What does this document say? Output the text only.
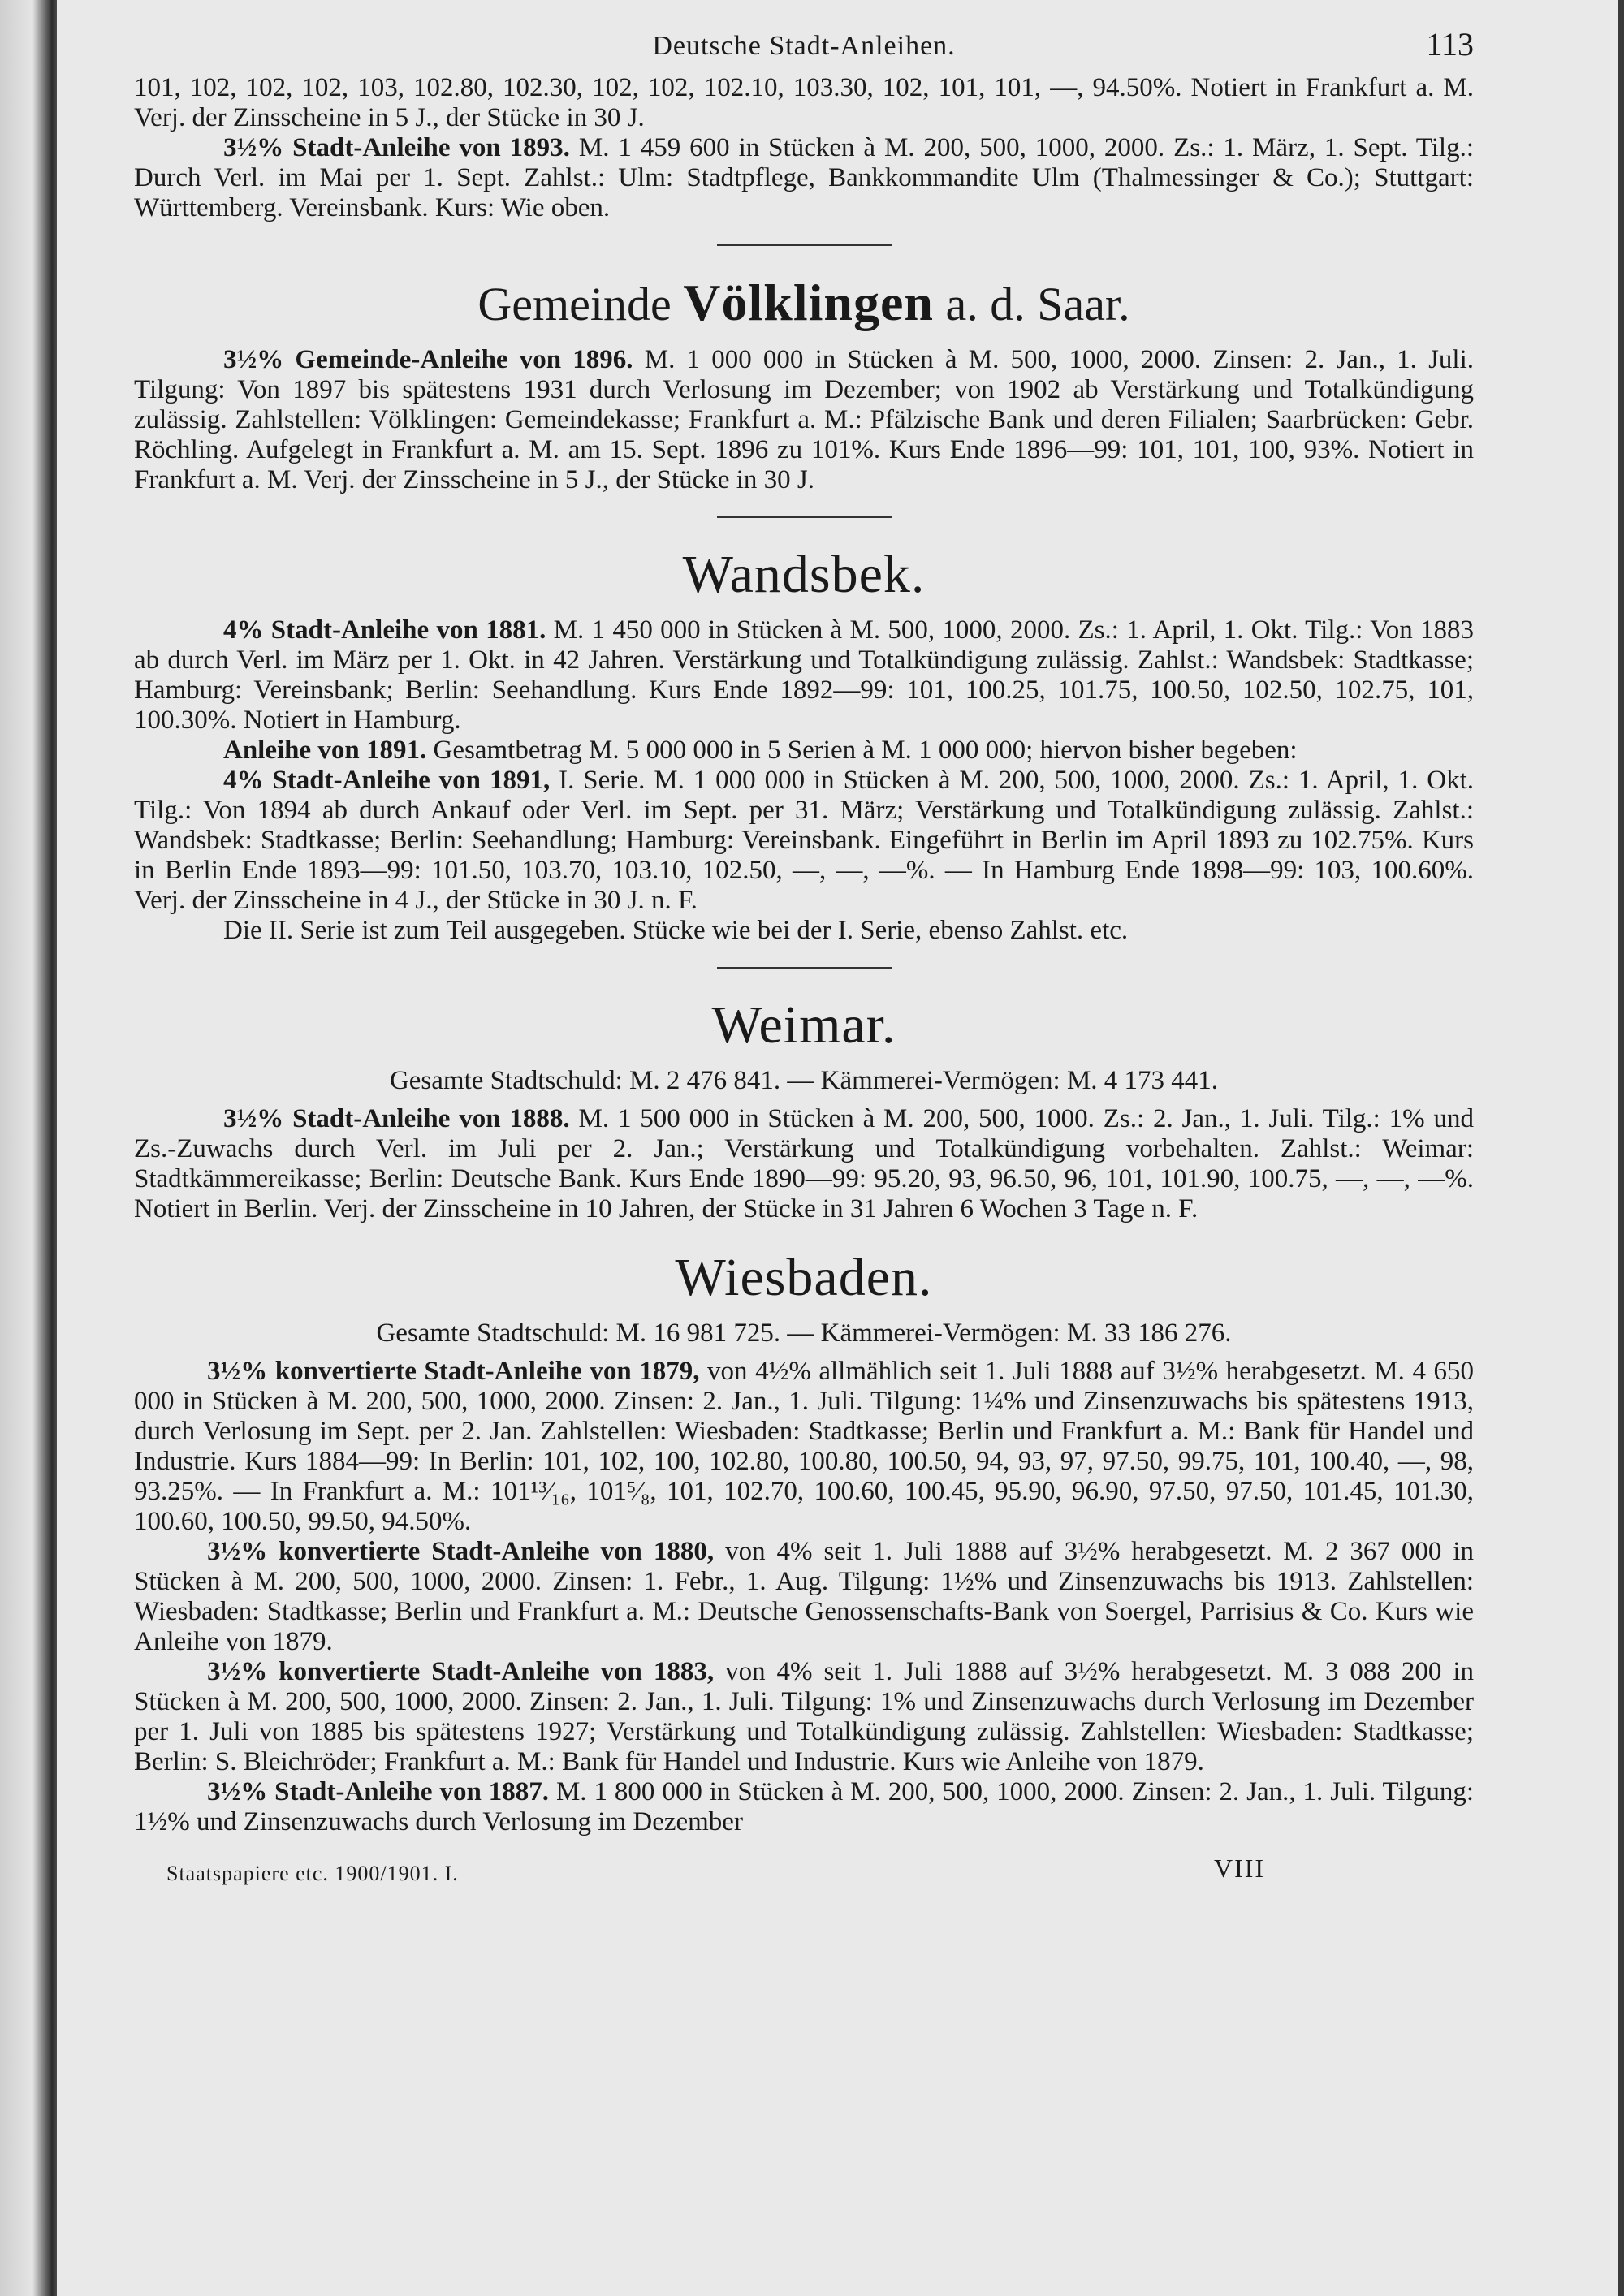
Deutsche Stadt-Anleihen.	113

101, 102, 102, 102, 103, 102.80, 102.30, 102, 102, 102.10, 103.30, 102, 101, 101, —, 94.50%. Notiert in Frankfurt a. M. Verj. der Zinsscheine in 5 J., der Stücke in 30 J.

3½% Stadt-Anleihe von 1893. M. 1 459 600 in Stücken à M. 200, 500, 1000, 2000. Zs.: 1. März, 1. Sept. Tilg.: Durch Verl. im Mai per 1. Sept. Zahlst.: Ulm: Stadtpflege, Bankkommandite Ulm (Thalmessinger & Co.); Stuttgart: Württemberg. Vereinsbank. Kurs: Wie oben.

Gemeinde Völklingen a. d. Saar.

3½% Gemeinde-Anleihe von 1896. M. 1 000 000 in Stücken à M. 500, 1000, 2000. Zinsen: 2. Jan., 1. Juli. Tilgung: Von 1897 bis spätestens 1931 durch Verlosung im Dezember; von 1902 ab Verstärkung und Totalkündigung zulässig. Zahlstellen: Völklingen: Gemeindekasse; Frankfurt a. M.: Pfälzische Bank und deren Filialen; Saarbrücken: Gebr. Röchling. Aufgelegt in Frankfurt a. M. am 15. Sept. 1896 zu 101%. Kurs Ende 1896—99: 101, 101, 100, 93%. Notiert in Frankfurt a. M. Verj. der Zinsscheine in 5 J., der Stücke in 30 J.

Wandsbek.

4% Stadt-Anleihe von 1881. M. 1 450 000 in Stücken à M. 500, 1000, 2000. Zs.: 1. April, 1. Okt. Tilg.: Von 1883 ab durch Verl. im März per 1. Okt. in 42 Jahren. Verstärkung und Totalkündigung zulässig. Zahlst.: Wandsbek: Stadtkasse; Hamburg: Vereinsbank; Berlin: Seehandlung. Kurs Ende 1892—99: 101, 100.25, 101.75, 100.50, 102.50, 102.75, 101, 100.30%. Notiert in Hamburg.

Anleihe von 1891. Gesamtbetrag M. 5 000 000 in 5 Serien à M. 1 000 000; hiervon bisher begeben:

4% Stadt-Anleihe von 1891, I. Serie. M. 1 000 000 in Stücken à M. 200, 500, 1000, 2000. Zs.: 1. April, 1. Okt. Tilg.: Von 1894 ab durch Ankauf oder Verl. im Sept. per 31. März; Verstärkung und Totalkündigung zulässig. Zahlst.: Wandsbek: Stadtkasse; Berlin: Seehandlung; Hamburg: Vereinsbank. Eingeführt in Berlin im April 1893 zu 102.75%. Kurs in Berlin Ende 1893—99: 101.50, 103.70, 103.10, 102.50, —, —, —%. — In Hamburg Ende 1898—99: 103, 100.60%. Verj. der Zinsscheine in 4 J., der Stücke in 30 J. n. F.

Die II. Serie ist zum Teil ausgegeben. Stücke wie bei der I. Serie, ebenso Zahlst. etc.

Weimar.

Gesamte Stadtschuld: M. 2 476 841. — Kämmerei-Vermögen: M. 4 173 441.

3½% Stadt-Anleihe von 1888. M. 1 500 000 in Stücken à M. 200, 500, 1000. Zs.: 2. Jan., 1. Juli. Tilg.: 1% und Zs.-Zuwachs durch Verl. im Juli per 2. Jan.; Verstärkung und Totalkündigung vorbehalten. Zahlst.: Weimar: Stadtkämmereikasse; Berlin: Deutsche Bank. Kurs Ende 1890—99: 95.20, 93, 96.50, 96, 101, 101.90, 100.75, —, —, —%. Notiert in Berlin. Verj. der Zinsscheine in 10 Jahren, der Stücke in 31 Jahren 6 Wochen 3 Tage n. F.

Wiesbaden.

Gesamte Stadtschuld: M. 16 981 725. — Kämmerei-Vermögen: M. 33 186 276.

3½% konvertierte Stadt-Anleihe von 1879, von 4½% allmählich seit 1. Juli 1888 auf 3½% herabgesetzt. M. 4 650 000 in Stücken à M. 200, 500, 1000, 2000. Zinsen: 2. Jan., 1. Juli. Tilgung: 1¼% und Zinsenzuwachs bis spätestens 1913, durch Verlosung im Sept. per 2. Jan. Zahlstellen: Wiesbaden: Stadtkasse; Berlin und Frankfurt a. M.: Bank für Handel und Industrie. Kurs 1884—99: In Berlin: 101, 102, 100, 102.80, 100.80, 100.50, 94, 93, 97, 97.50, 99.75, 101, 100.40, —, 98, 93.25%. — In Frankfurt a. M.: 101¹³⁄₁₆, 101⁵⁄₈, 101, 102.70, 100.60, 100.45, 95.90, 96.90, 97.50, 97.50, 101.45, 101.30, 100.60, 100.50, 99.50, 94.50%.

3½% konvertierte Stadt-Anleihe von 1880, von 4% seit 1. Juli 1888 auf 3½% herabgesetzt. M. 2 367 000 in Stücken à M. 200, 500, 1000, 2000. Zinsen: 1. Febr., 1. Aug. Tilgung: 1½% und Zinsenzuwachs bis 1913. Zahlstellen: Wiesbaden: Stadtkasse; Berlin und Frankfurt a. M.: Deutsche Genossenschafts-Bank von Soergel, Parrisius & Co. Kurs wie Anleihe von 1879.

3½% konvertierte Stadt-Anleihe von 1883, von 4% seit 1. Juli 1888 auf 3½% herabgesetzt. M. 3 088 200 in Stücken à M. 200, 500, 1000, 2000. Zinsen: 2. Jan., 1. Juli. Tilgung: 1% und Zinsenzuwachs durch Verlosung im Dezember per 1. Juli von 1885 bis spätestens 1927; Verstärkung und Totalkündigung zulässig. Zahlstellen: Wiesbaden: Stadtkasse; Berlin: S. Bleichröder; Frankfurt a. M.: Bank für Handel und Industrie. Kurs wie Anleihe von 1879.

3½% Stadt-Anleihe von 1887. M. 1 800 000 in Stücken à M. 200, 500, 1000, 2000. Zinsen: 2. Jan., 1. Juli. Tilgung: 1½% und Zinsenzuwachs durch Verlosung im Dezember

Staatspapiere etc. 1900/1901. I.	VIII
